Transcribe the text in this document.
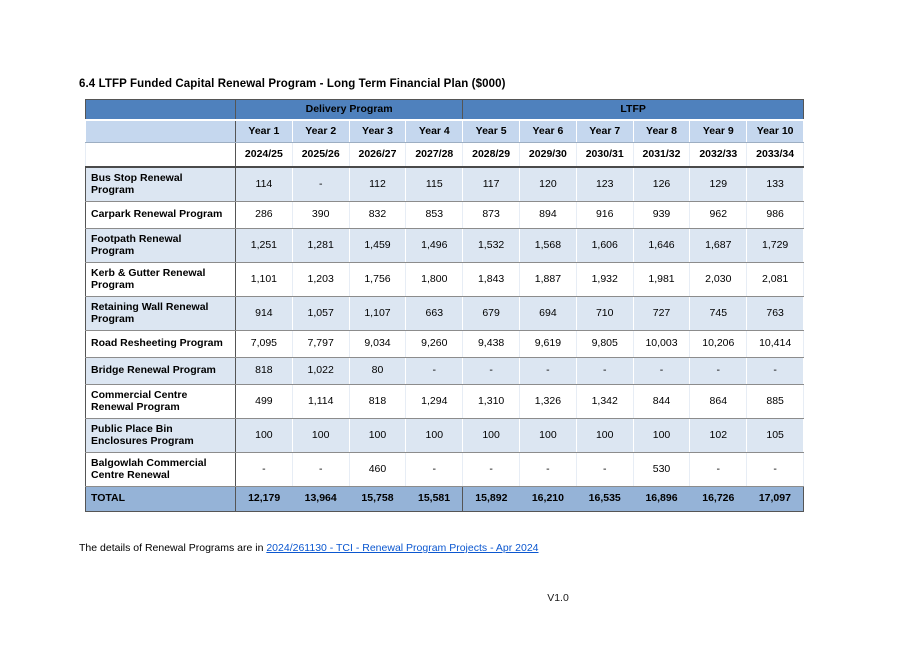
6.4 LTFP Funded Capital Renewal Program - Long Term Financial Plan ($000)
	Delivery Program				LTFP					
	Year 1	Year 2	Year 3	Year 4	Year 5	Year 6	Year 7	Year 8	Year 9	Year 10
	2024/25	2025/26	2026/27	2027/28	2028/29	2029/30	2030/31	2031/32	2032/33	2033/34
Bus Stop Renewal Program	114	-	112	115	117	120	123	126	129	133
Carpark Renewal Program	286	390	832	853	873	894	916	939	962	986
Footpath Renewal Program	1,251	1,281	1,459	1,496	1,532	1,568	1,606	1,646	1,687	1,729
Kerb & Gutter Renewal Program	1,101	1,203	1,756	1,800	1,843	1,887	1,932	1,981	2,030	2,081
Retaining Wall Renewal Program	914	1,057	1,107	663	679	694	710	727	745	763
Road Resheeting Program	7,095	7,797	9,034	9,260	9,438	9,619	9,805	10,003	10,206	10,414
Bridge Renewal Program	818	1,022	80	-	-	-	-	-	-	-
Commercial Centre Renewal Program	499	1,114	818	1,294	1,310	1,326	1,342	844	864	885
Public Place Bin Enclosures Program	100	100	100	100	100	100	100	100	102	105
Balgowlah Commercial Centre Renewal	-	-	460	-	-	-	-	530	-	-
TOTAL	12,179	13,964	15,758	15,581	15,892	16,210	16,535	16,896	16,726	17,097

The details of Renewal Programs are in 2024/261130 - TCI - Renewal Program Projects - Apr 2024

V1.0
